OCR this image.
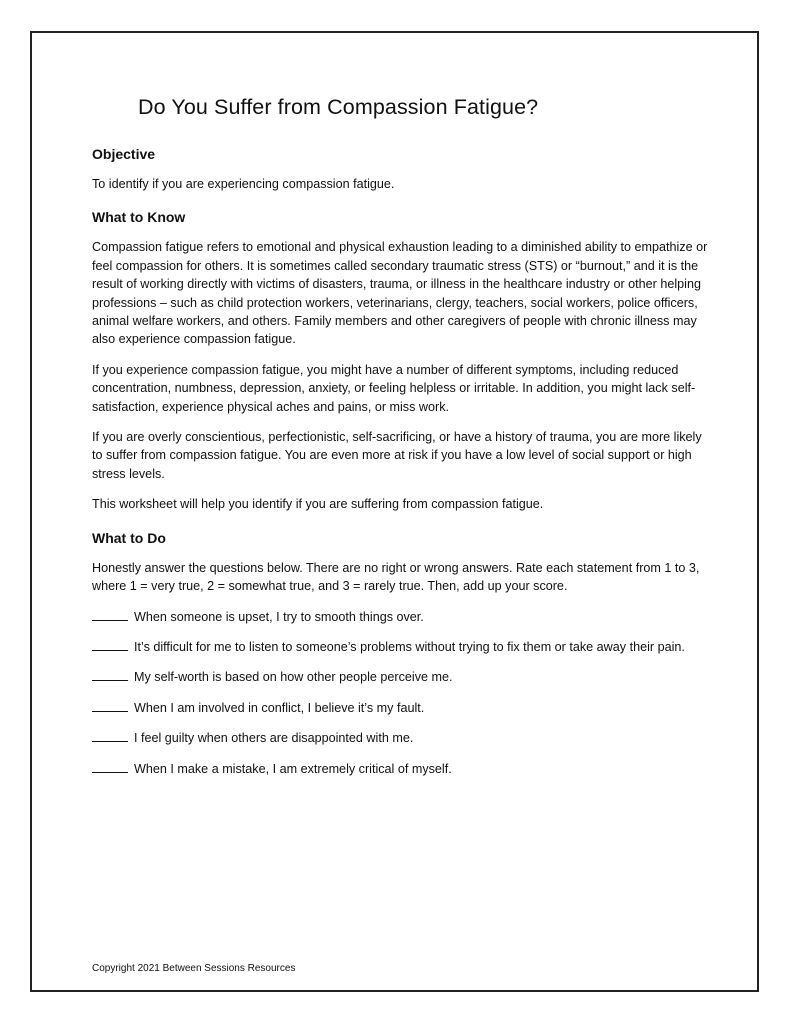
Do You Suffer from Compassion Fatigue?
Objective

To identify if you are experiencing compassion fatigue.

What to Know

Compassion fatigue refers to emotional and physical exhaustion leading to a diminished ability to empathize or feel compassion for others. It is sometimes called secondary traumatic stress (STS) or “burnout,” and it is the result of working directly with victims of disasters, trauma, or illness in the healthcare industry or other helping professions – such as child protection workers, veterinarians, clergy, teachers, social workers, police officers, animal welfare workers, and others. Family members and other caregivers of people with chronic illness may also experience compassion fatigue.

If you experience compassion fatigue, you might have a number of different symptoms, including reduced concentration, numbness, depression, anxiety, or feeling helpless or irritable. In addition, you might lack self-satisfaction, experience physical aches and pains, or miss work.

If you are overly conscientious, perfectionistic, self-sacrificing, or have a history of trauma, you are more likely to suffer from compassion fatigue. You are even more at risk if you have a low level of social support or high stress levels.

This worksheet will help you identify if you are suffering from compassion fatigue.

What to Do

Honestly answer the questions below. There are no right or wrong answers. Rate each statement from 1 to 3, where 1 = very true, 2 = somewhat true, and 3 = rarely true. Then, add up your score.

When someone is upset, I try to smooth things over.

It’s difficult for me to listen to someone’s problems without trying to fix them or take away their pain.

My self-worth is based on how other people perceive me.

When I am involved in conflict, I believe it’s my fault.

I feel guilty when others are disappointed with me.

When I make a mistake, I am extremely critical of myself.

Copyright 2021 Between Sessions Resources
